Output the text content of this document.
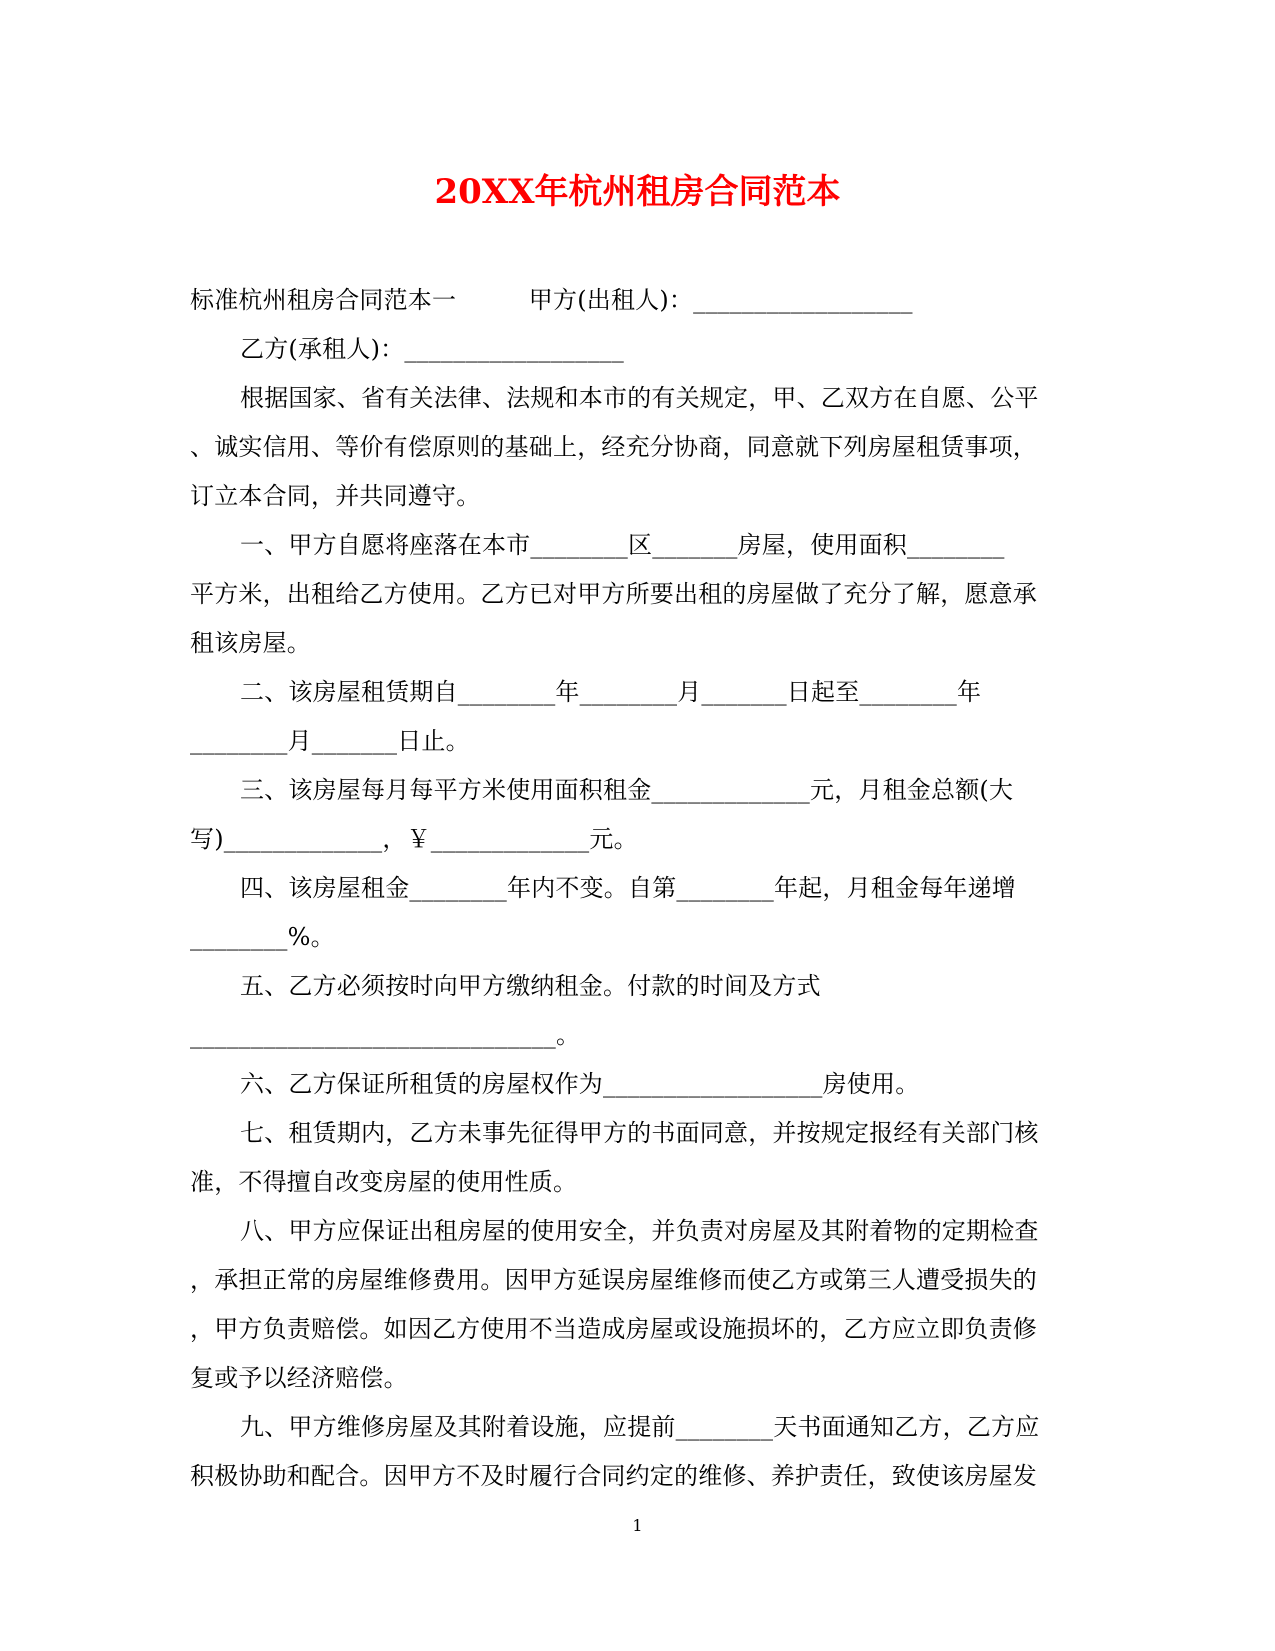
20XX年杭州租房合同范本
标准杭州租房合同范本一　　　甲方(出租人)：__________________
乙方(承租人)：__________________
根据国家、省有关法律、法规和本市的有关规定，甲、乙双方在自愿、公平
、诚实信用、等价有偿原则的基础上，经充分协商，同意就下列房屋租赁事项，
订立本合同，并共同遵守。
一、甲方自愿将座落在本市________区_______房屋，使用面积________
平方米，出租给乙方使用。乙方已对甲方所要出租的房屋做了充分了解，愿意承
租该房屋。
二、该房屋租赁期自________年________月_______日起至________年
________月_______日止。
三、该房屋每月每平方米使用面积租金_____________元，月租金总额(大
写)_____________，￥_____________元。
四、该房屋租金________年内不变。自第________年起，月租金每年递增
________%。
五、乙方必须按时向甲方缴纳租金。付款的时间及方式
______________________________。
六、乙方保证所租赁的房屋权作为__________________房使用。
七、租赁期内，乙方未事先征得甲方的书面同意，并按规定报经有关部门核
准，不得擅自改变房屋的使用性质。
八、甲方应保证出租房屋的使用安全，并负责对房屋及其附着物的定期检查
，承担正常的房屋维修费用。因甲方延误房屋维修而使乙方或第三人遭受损失的
，甲方负责赔偿。如因乙方使用不当造成房屋或设施损坏的，乙方应立即负责修
复或予以经济赔偿。
九、甲方维修房屋及其附着设施，应提前________天书面通知乙方，乙方应
积极协助和配合。因甲方不及时履行合同约定的维修、养护责任，致使该房屋发
1
